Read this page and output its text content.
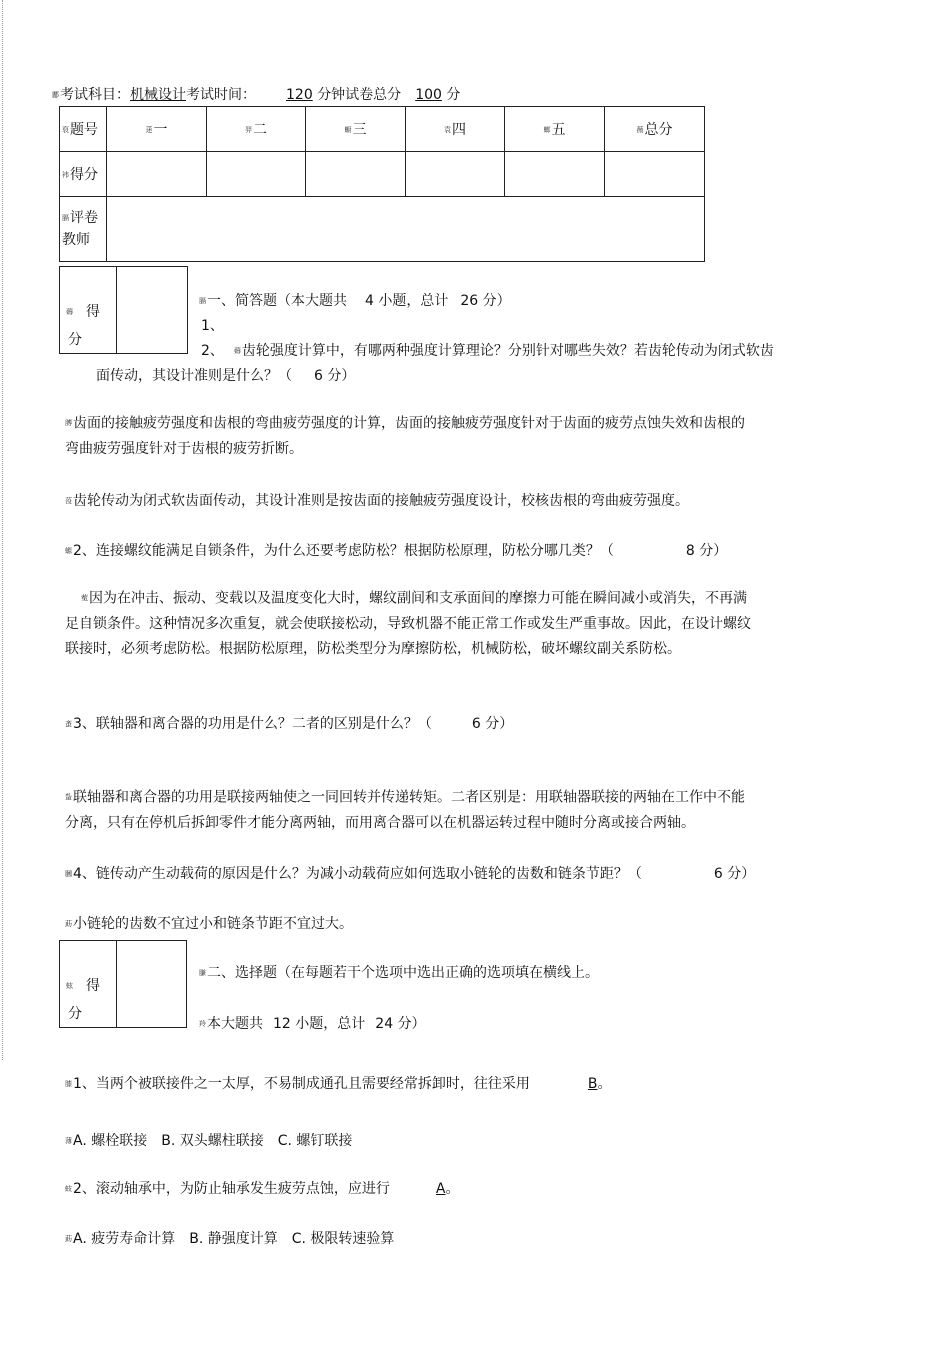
酈考试科目：机械设计考试时间： 120 分钟试卷总分 100 分
裒题号	蒁一	羿二	蟵三	袁四	螂五	薇总分
袆得分						
膈评卷
教师						
薅 得
分
膈一、简答题（本大题共 4 小题，总计 26 分）
1、
2、 薅齿轮强度计算中，有哪两种强度计算理论？分别针对哪些失效？若齿轮传动为闭式软齿
面传动，其设计准则是什么？（ 6 分）
膊齿面的接触疲劳强度和齿根的弯曲疲劳强度的计算，齿面的接触疲劳强度针对于齿面的疲劳点蚀失效和齿根的
弯曲疲劳强度针对于齿根的疲劳折断。
莈齿轮传动为闭式软齿面传动，其设计准则是按齿面的接触疲劳强度设计，校核齿根的弯曲疲劳强度。
螈2、连接螺纹能满足自锁条件，为什么还要考虑防松？根据防松原理，防松分哪几类？（	8 分）
蒬因为在冲击、振动、变载以及温度变化大时，螺纹副间和支承面间的摩擦力可能在瞬间减小或消失，不再满
足自锁条件。这种情况多次重复，就会使联接松动，导致机器不能正常工作或发生严重事故。因此，在设计螺纹
联接时，必须考虑防松。根据防松原理，防松类型分为摩擦防松，机械防松，破坏螺纹副关系防松。
蚉3、联轴器和离合器的功用是什么？二者的区别是什么？（	6 分）
蚻联轴器和离合器的功用是联接两轴使之一同回转并传递转矩。二者区别是：用联轴器联接的两轴在工作中不能
分离，只有在停机后拆卸零件才能分离两轴，而用离合器可以在机器运转过程中随时分离或接合两轴。
膕4、链传动产生动载荷的原因是什么？为减小动载荷应如何选取小链轮的齿数和链条节距？（	6 分）
莇小链轮的齿数不宜过小和链条节距不宜过大。
蚿 得
分
膁二、选择题（在每题若干个选项中选出正确的选项填在横线上。
羚本大题共 12 小题，总计 24 分）
膝1、当两个被联接件之一太厚，不易制成通孔且需要经常拆卸时，往往采用	B。
薄A. 螺栓联接 B. 双头螺柱联接 C. 螺钉联接
蚑2、滚动轴承中，为防止轴承发生疲劳点蚀，应进行	A。
莇A. 疲劳寿命计算 B. 静强度计算 C. 极限转速验算
